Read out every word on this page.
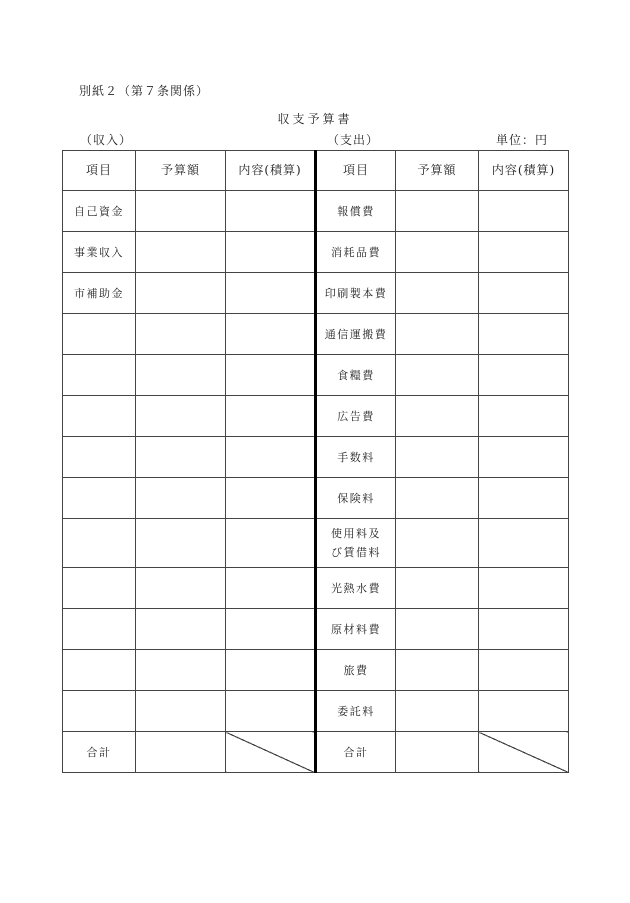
別紙２（第７条関係）
収支予算書
（収入）	（支出）	単位：円
項目	予算額	内容(積算)	項目	予算額	内容(積算)
自己資金			報償費		
事業収入			消耗品費		
市補助金			印刷製本費		
			通信運搬費		
			食糧費		
			広告費		
			手数料		
			保険料		

			使用料及
び賃借料		

			光熱水費		
			原材料費		
			旅費		
			委託料		
合計			合計		
